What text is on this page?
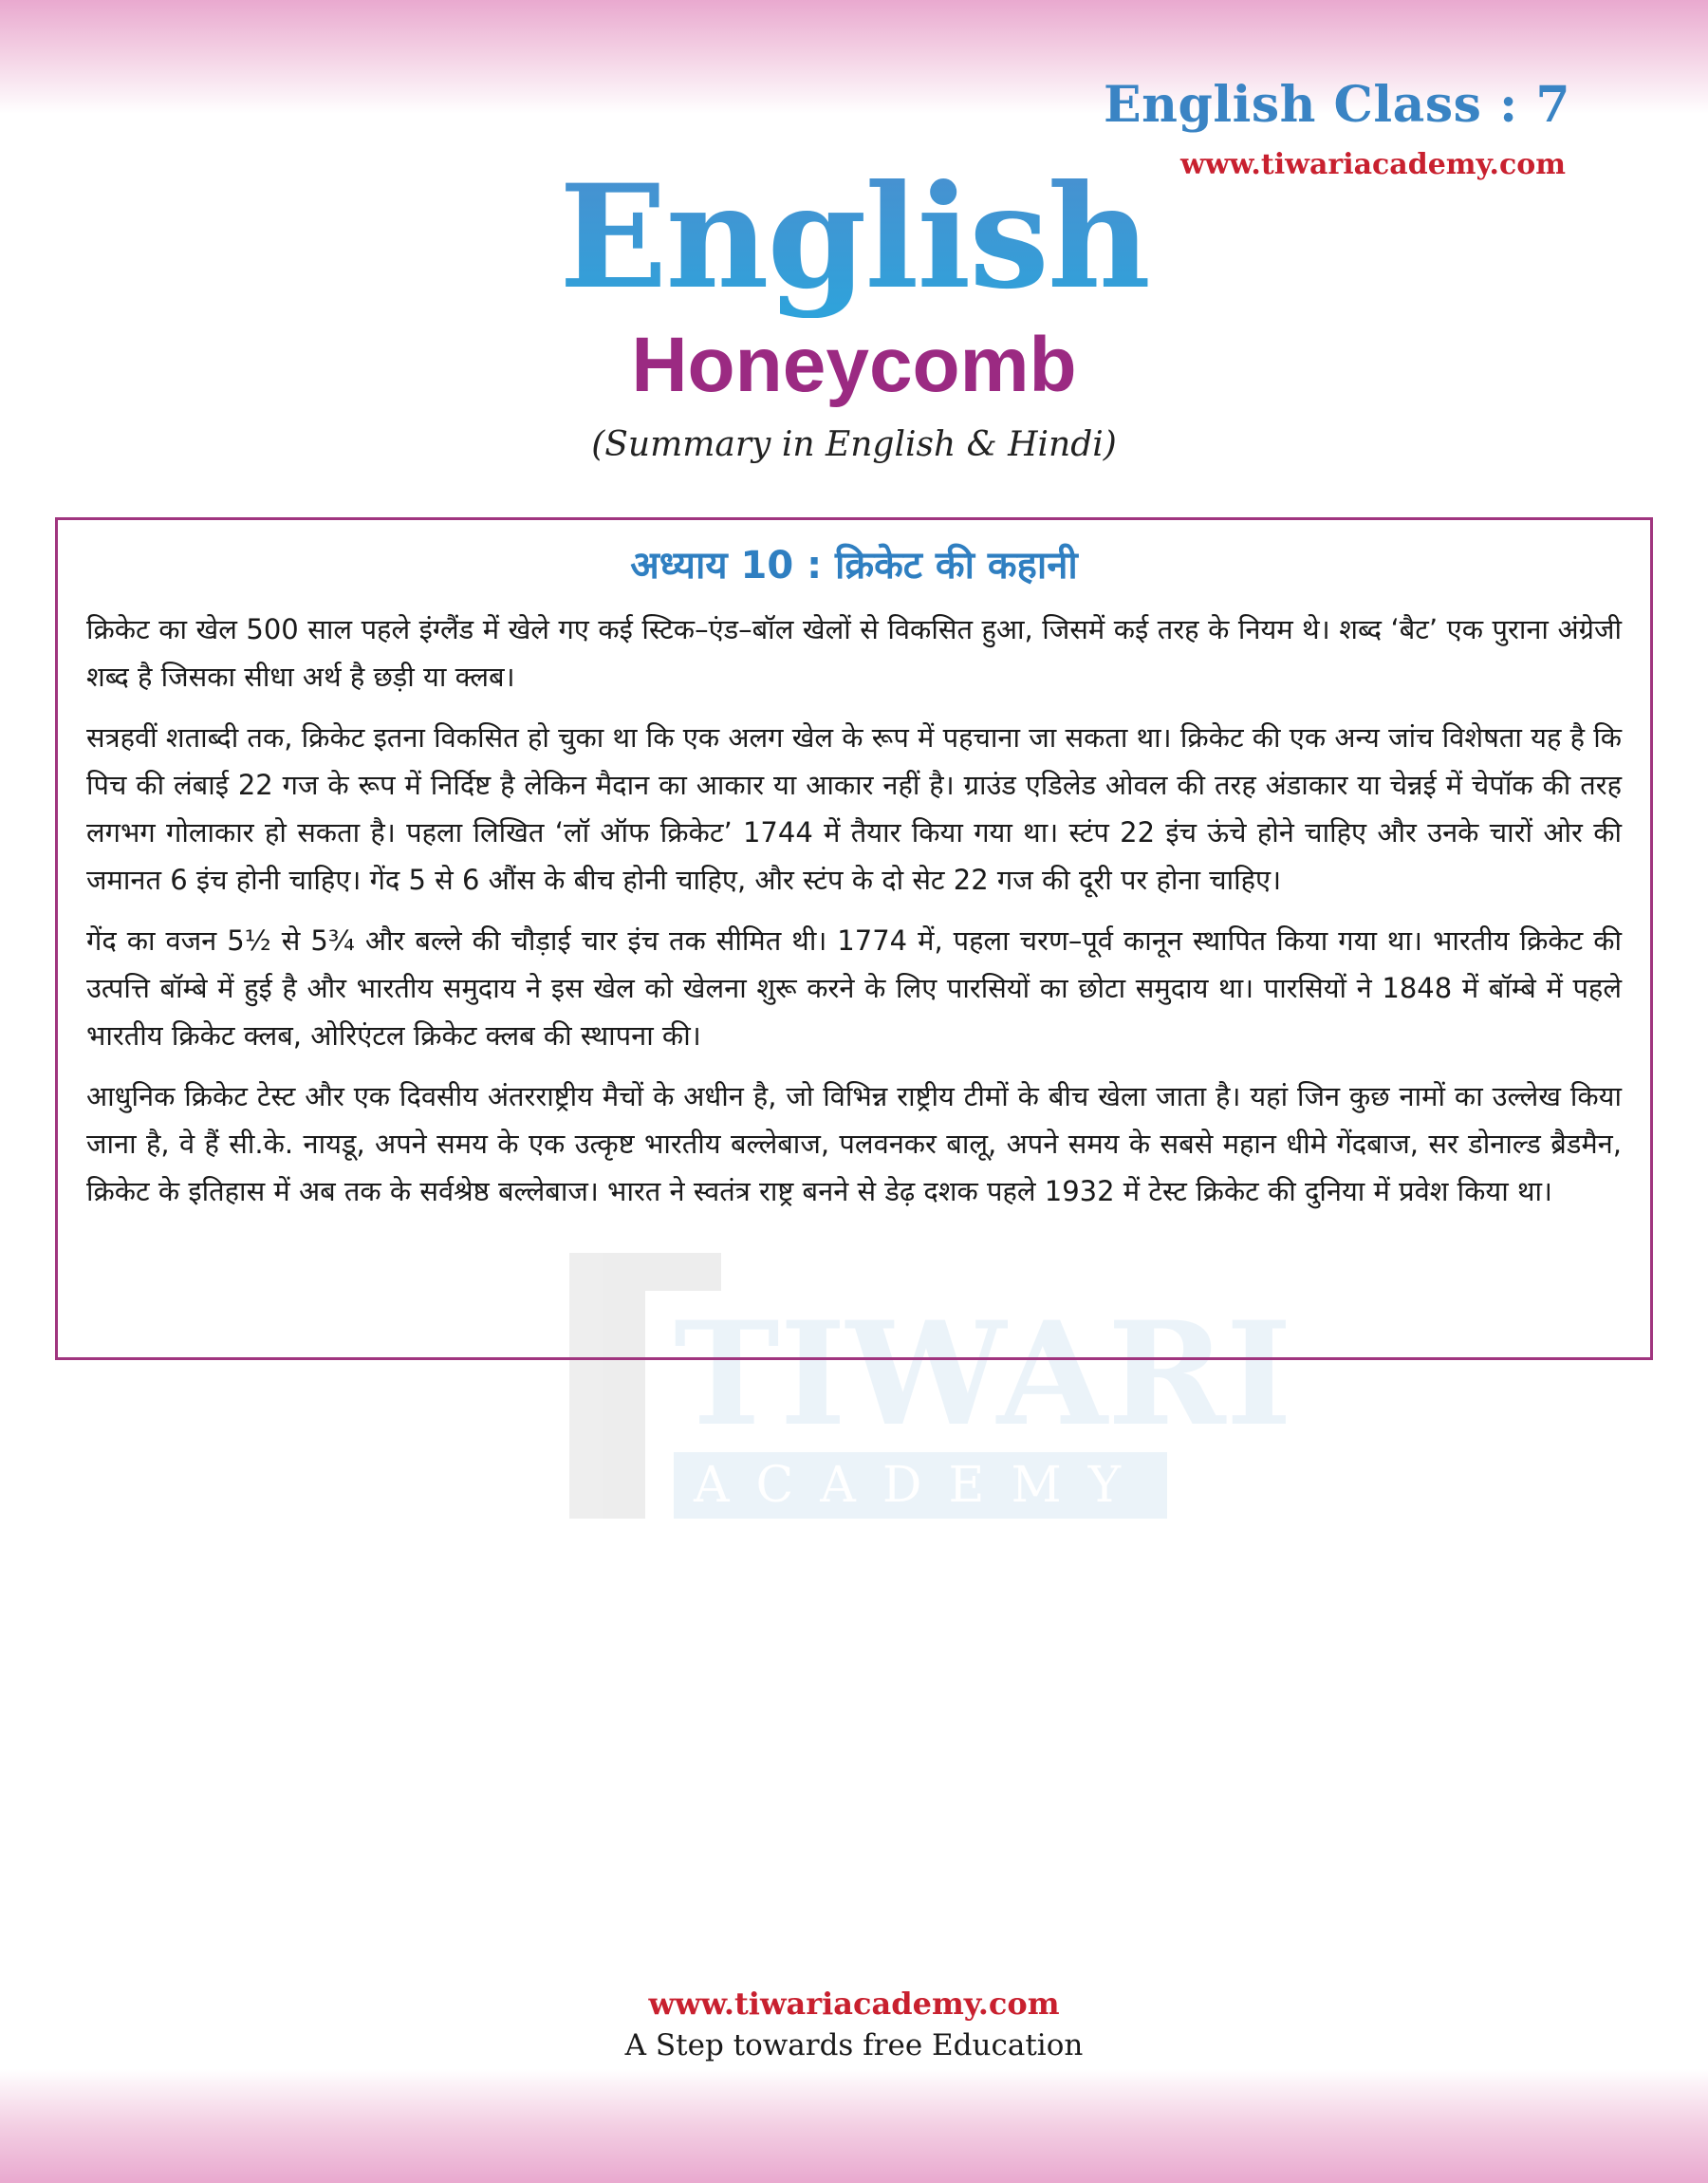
English Class : 7
English
Honeycomb
(Summary in English & Hindi)
TIWARI
ACADEMY
अध्याय 10 : क्रिकेट की कहानी

क्रिकेट का खेल 500 साल पहले इंग्लैंड में खेले गए कई स्टिक–एंड–बॉल खेलों से विकसित हुआ, जिसमें कई तरह के नियम थे। शब्द ‘बैट’ एक पुराना अंग्रेजी शब्द है जिसका सीधा अर्थ है छड़ी या क्लब।

सत्रहवीं शताब्दी तक, क्रिकेट इतना विकसित हो चुका था कि एक अलग खेल के रूप में पहचाना जा सकता था। क्रिकेट की एक अन्य जांच विशेषता यह है कि पिच की लंबाई 22 गज के रूप में निर्दिष्ट है लेकिन मैदान का आकार या आकार नहीं है। ग्राउंड एडिलेड ओवल की तरह अंडाकार या चेन्नई में चेपॉक की तरह लगभग गोलाकार हो सकता है। पहला लिखित ‘लॉ ऑफ क्रिकेट’ 1744 में तैयार किया गया था। स्टंप 22 इंच ऊंचे होने चाहिए और उनके चारों ओर की जमानत 6 इंच होनी चाहिए। गेंद 5 से 6 औंस के बीच होनी चाहिए, और स्टंप के दो सेट 22 गज की दूरी पर होना चाहिए।

गेंद का वजन 5½ से 5¾ और बल्ले की चौड़ाई चार इंच तक सीमित थी। 1774 में, पहला चरण–पूर्व कानून स्थापित किया गया था। भारतीय क्रिकेट की उत्पत्ति बॉम्बे में हुई है और भारतीय समुदाय ने इस खेल को खेलना शुरू करने के लिए पारसियों का छोटा समुदाय था। पारसियों ने 1848 में बॉम्बे में पहले भारतीय क्रिकेट क्लब, ओरिएंटल क्रिकेट क्लब की स्थापना की।

आधुनिक क्रिकेट टेस्ट और एक दिवसीय अंतरराष्ट्रीय मैचों के अधीन है, जो विभिन्न राष्ट्रीय टीमों के बीच खेला जाता है। यहां जिन कुछ नामों का उल्लेख किया जाना है, वे हैं सी.के. नायडू, अपने समय के एक उत्कृष्ट भारतीय बल्लेबाज, पलवनकर बालू, अपने समय के सबसे महान धीमे गेंदबाज, सर डोनाल्ड ब्रैडमैन, क्रिकेट के इतिहास में अब तक के सर्वश्रेष्ठ बल्लेबाज। भारत ने स्वतंत्र राष्ट्र बनने से डेढ़ दशक पहले 1932 में टेस्ट क्रिकेट की दुनिया में प्रवेश किया था।

www.tiwariacademy.com
A Step towards free Education
